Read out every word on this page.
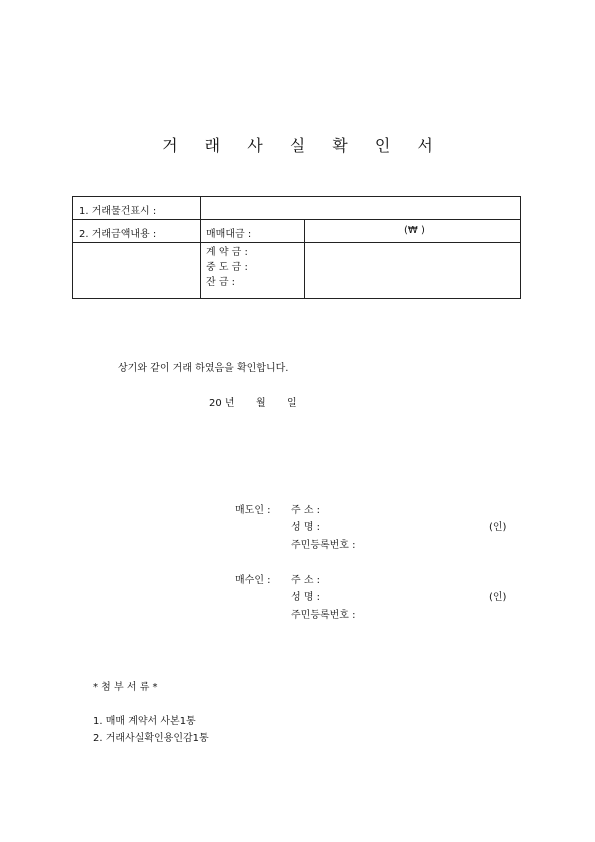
거 래 사 실 확 인 서
1. 거래물건표시 :
2. 거래금액내용 :	매매대금 :	(₩ )
계 약 금 :
중 도 금 :
잔 금 :
상기와 같이 거래 하였음을 확인합니다.
20 년 월 일
매도인 : 주 소 :
성 명 :	(인)
주민등록번호 :
매수인 : 주 소 :
성 명 :	(인)
주민등록번호 :
* 첨 부 서 류 *
1. 매매 계약서 사본1통
2. 거래사실확인용인감1통
